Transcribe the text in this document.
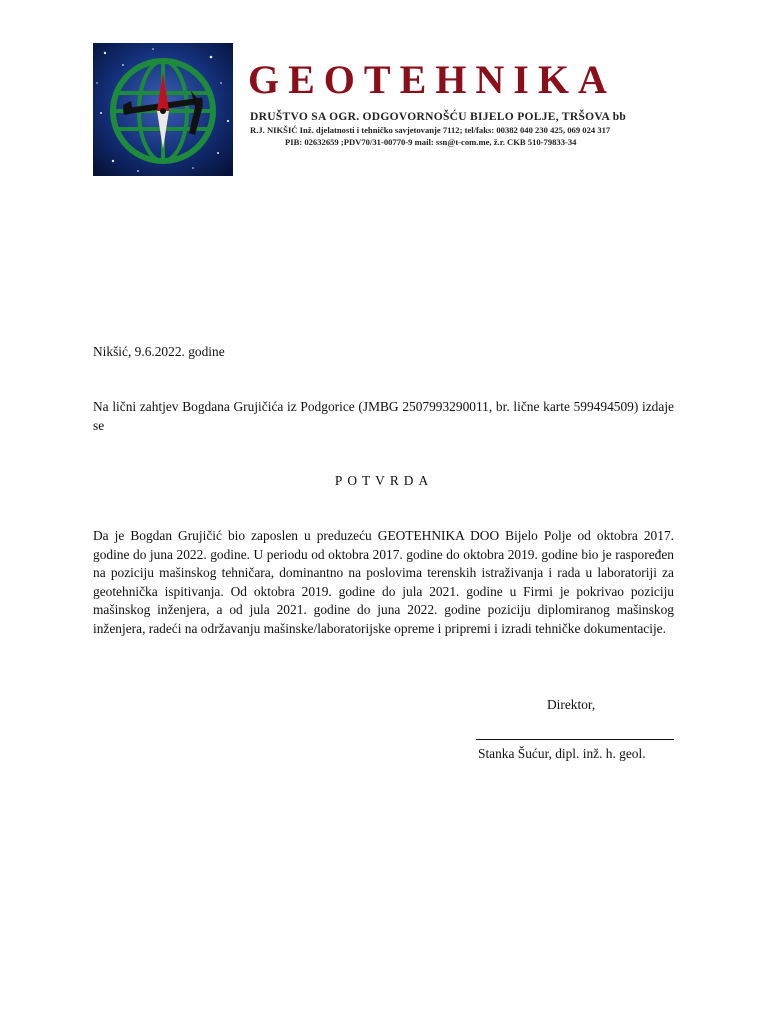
GEOTEHNIKA
DRUŠTVO SA OGR. ODGOVORNOŠĆU BIJELO POLJE, TRŠOVA bb
R.J. NIKŠIĆ Inž. djelatnosti i tehničko savjetovanje 7112; tel/faks: 00382 040 230 425, 069 024 317
PIB: 02632659 ;PDV70/31-00770-9 mail: ssn@t-com.me, ž.r. CKB 510-79833-34
Nikšić, 9.6.2022. godine
Na lični zahtjev Bogdana Grujičića iz Podgorice (JMBG 2507993290011, br. lične karte 599494509) izdaje se
POTVRDA
Da je Bogdan Grujičić bio zaposlen u preduzeću GEOTEHNIKA DOO Bijelo Polje od oktobra 2017. godine do juna 2022. godine. U periodu od oktobra 2017. godine do oktobra 2019. godine bio je raspoređen na poziciju mašinskog tehničara, dominantno na poslovima terenskih istraživanja i rada u laboratoriji za geotehnička ispitivanja. Od oktobra 2019. godine do jula 2021. godine u Firmi je pokrivao poziciju mašinskog inženjera, a od jula 2021. godine do juna 2022. godine poziciju diplomiranog mašinskog inženjera, radeći na održavanju mašinske/laboratorijske opreme i pripremi i izradi tehničke dokumentacije.
Direktor,
Stanka Šućur, dipl. inž. h. geol.
